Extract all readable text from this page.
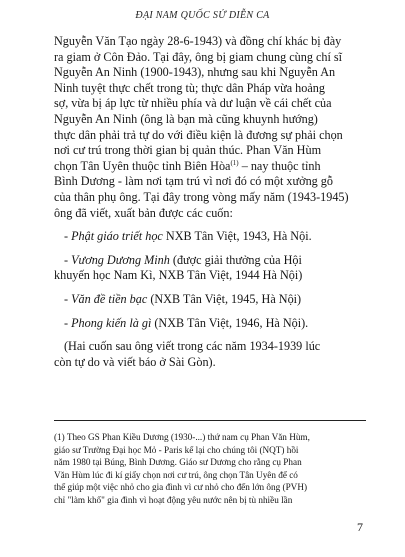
ĐẠI NAM QUỐC SỬ DIỄN CA
Nguyễn Văn Tạo ngày 28-6-1943) và đồng chí khác bị đày
ra giam ở Côn Đảo. Tại đây, ông bị giam chung cùng chí sĩ
Nguyễn An Ninh (1900-1943), nhưng sau khi Nguyễn An
Ninh tuyệt thực chết trong tù; thực dân Pháp vừa hoảng
sợ, vừa bị áp lực từ nhiều phía và dư luận về cái chết của
Nguyễn An Ninh (ông là bạn mà cũng khuynh hướng)
thực dân phải trả tự do với điều kiện là đương sự phải chọn
nơi cư trú trong thời gian bị quản thúc. Phan Văn Hùm
chọn Tân Uyên thuộc tỉnh Biên Hòa$^{(1)}$ – nay thuộc tỉnh
Bình Dương - làm nơi tạm trú vì nơi đó có một xưởng gỗ
của thân phụ ông. Tại đây trong vòng mấy năm (1943-1945)
ông đã viết, xuất bản được các cuốn:
- Phật giáo triết học NXB Tân Việt, 1943, Hà Nội.
- Vương Dương Minh (được giải thưởng của Hội
khuyến học Nam Kì, NXB Tân Việt, 1944 Hà Nội)
- Văn đề tiền bạc (NXB Tân Việt, 1945, Hà Nội)
- Phong kiến là gì (NXB Tân Việt, 1946, Hà Nội).
(Hai cuốn sau ông viết trong các năm 1934-1939 lúc
còn tự do và viết báo ở Sài Gòn).
(1) Theo GS Phan Kiều Dương (1930-...) thứ nam cụ Phan Văn Hùm,
giáo sư Trường Đại học Mỏ - Paris kể lại cho chúng tôi (NQT) hồi
năm 1980 tại Búng, Bình Dương. Giáo sư Dương cho rằng cụ Phan
Văn Hùm lúc đi kí giấy chọn nơi cư trú, ông chọn Tân Uyên để có
thể giúp một việc nhỏ cho gia đình vì cư nhỏ cho đến lớn ông (PVH)
chỉ "làm khổ" gia đình vì hoạt động yêu nước nên bị tù nhiều lần
7
